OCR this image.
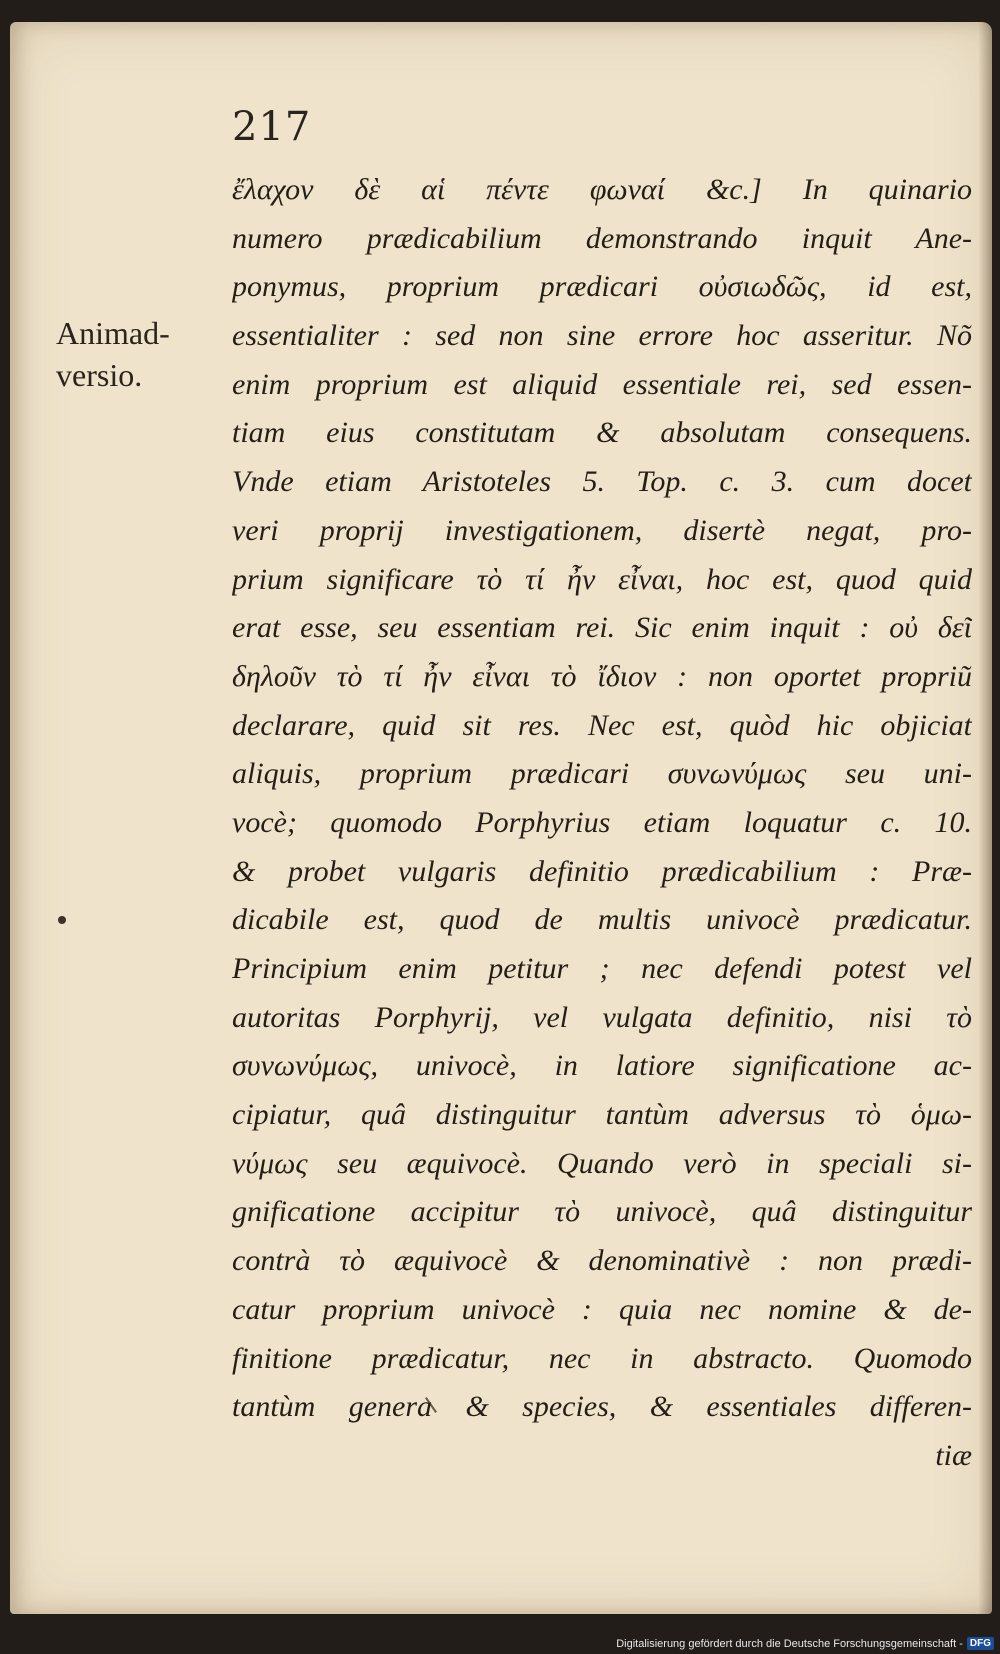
217
Animad-
versio.
ἔλαχον δὲ αἱ πέντε φωναί &c.] In quinario
numero prædicabilium demonstrando inquit Ane-
ponymus, proprium prædicari οὐσιωδῶς, id est,
essentialiter : sed non sine errore hoc asseritur. Nõ
enim proprium est aliquid essentiale rei, sed essen-
tiam eius constitutam & absolutam consequens.
Vnde etiam Aristoteles 5. Top. c. 3. cum docet
veri proprij investigationem, disertè negat, pro-
prium significare τὸ τί ἦν εἶναι, hoc est, quod quid
erat esse, seu essentiam rei. Sic enim inquit : οὐ δεῖ
δηλοῦν τὸ τί ἦν εἶναι τὸ ἴδιον : non oportet propriũ
declarare, quid sit res. Nec est, quòd hic objiciat
aliquis, proprium prædicari συνωνύμως seu uni-
vocè; quomodo Porphyrius etiam loquatur c. 10.
& probet vulgaris definitio prædicabilium : Præ-
dicabile est, quod de multis univocè prædicatur.
Principium enim petitur ; nec defendi potest vel
autoritas Porphyrij, vel vulgata definitio, nisi τὸ
συνωνύμως, univocè, in latiore significatione ac-
cipiatur, quâ distinguitur tantùm adversus τὸ ὁμω-
νύμως seu æquivocè. Quando verò in speciali si-
gnificatione accipitur τὸ univocè, quâ distinguitur
contrà τὸ æquivocè & denominativè : non prædi-
catur proprium univocè : quia nec nomine & de-
finitione prædicatur, nec in abstracto. Quomodo
tantùm genera & species, & essentiales differen-
tiæ
Digitalisierung gefördert durch die Deutsche Forschungsgemeinschaft - DFG
